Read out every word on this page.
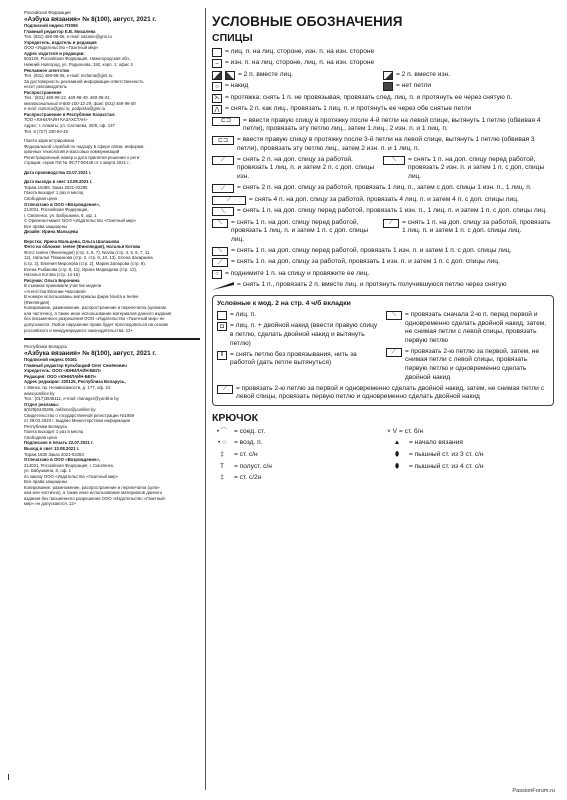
Российская Федерация

«Азбука вязания» № 8(100), август, 2021 г.

Подписной индекс П3055

Главный редактор Е.В. Михалева

Тел. (831) 469-98-66, e-mail: vazanie@gmi.ru

Учредитель, издатель и редакция

ООО «Издательство «Газетный мир»

Адрес издателя и редакции:

603126, Российская Федерация, Нижегородская обл.,

Нижний Новгород, ул. Родионова, 192, корп. 1, офис 3

Рекламное агентство

Тел. (831) 469-98-36, e-mail: reclama@gmi.ru

За достоверность рекламной информации ответственность

несет рекламодатель

Распространение

Тел.: (831) 469-98-13, 469-98-49, 469-98-01,

многоканальный 8-800-100-12-29, факс (831) 469-98-00

e-mail: rozmica@gmi.ru, podpiska@gmi.ru

Распространение в Республике Казахстан:

ТОО «ЮНИЛАЙН КАЗАХСТАН»

Адрес: г. Алматы, ул. Сатпаева, 30/8, оф. 137

Тел. 8 (727) 330-94-49

Газета зарегистрирована

Федеральной службой по надзору в сфере связи, информа-

ционных технологий и массовых коммуникаций

Регистрационный номер и дата принятия решения о реги-

страции: серия ПИ № ФС77-80448 от 1 марта 2021 г.

Дата производства 22.07.2021 г.

Дата выхода в свет 13.08.2021 г.

Тираж 15489. Заказ 2021-02285

Газета выходит 1 раз в месяц

Свободная цена

Отпечатано в ООО «Возрождение»,

214031, Российская Федерация,

г. Смоленск, ул. Бабушкина, 8, оф. 1

© Оригинал-макет ООО «Издательство «Газетный мир»

Все права защищены

Дизайн: Ирина Мальцева

Верстка: Ирина Мальцева, Ольга Шалашова

Фото на обложке: teetee (Финляндия), Наталья Котова

Фото: teetee (Финляндия) (стр. 4, 5, 7), Novita (стр. 4, 5, 6, 7, 11,

12), Наталья Плакинова (стр. 2, стр. 9, 10, 13), Елена Захаркина

(стр. 3), Евгения Миронова (стр. 2), Мария Заларова (стр. 9),

Елена Рыбакова (стр. 8, 11), Ирина Медведева (стр. 12),

Наталья Котова (стр. 14-15)

Рисунки: Ольга Боронина

В съемках принимали участие модели

«Агентства Евгении Чкаловой»

В номере использованы материалы фирм Novita и teetee

(Финляндия)

Копирование, размножение, распространение и перепечатка (целиком

или частично), а также иное использование материалов данного издания

без письменного разрешения ООО «Издательство «Газетный мир» не

допускаются. Любое нарушение права будет преследоваться на основе

российского и международного законодательства. 12+

Республика Беларусь

«Азбука вязания» № 8(100), август, 2021 г.

Подписной индекс 00161

Главный редактор Кульбацкий Олег Семёнович

Учредитель: ООО «ЮНИЛАЙН-БЕЛ»

Редакция: ООО «ЮНИЛАЙН-БЕЛ»

Адрес редакции: 220125, Республика Беларусь,

г. Минск, пр. Независимости, д. 177, оф. 34.

www.yuniline.by

Тел.: (017)3948111, e-mail: manager@yuniline.by

Отдел рекламы:

8(029)6330286, reklama@yuniline.by

Свидетельство о государственной регистрации №1959

от 28.02.2020 г. выдано Министерством информации

Республики Беларусь

Газета выходит 1 раз в месяц

Свободная цена

Подписано в печать 22.07.2021 г.

Выход в свет 13.08.2021 г.

Тираж 1830 Заказ 2021-02283

Отпечатано в ООО «Возрождение»,

214031, Российская Федерация, г. Смоленск,

ул. Бабушкина, 8, оф. 1

по заказу ООО «Издательство «Газетный мир»

Все права защищены

Копирование, размножение, распространение и перепечатка (цели-

ком или частично), а также иное использование материалов данного

издания без письменного разрешения ООО «Издательство «Газетный

мир» не допускаются. 12+

УСЛОВНЫЕ ОБОЗНАЧЕНИЯ
СПИЦЫ
= лиц. п. на лиц. стороне, изн. п. на изн. стороне
– = изн. п. на лиц. стороне, лиц. п. на изн. стороне
= 2 п. вместе лиц.	= 2 п. вместе изн.
○ = накид	= нет петли
⋋ = протяжка: снять 1 п. не провязывая, провязать след. лиц. п. и протянуть ее через снятую п.
⋀ = снять 2 п. как лиц., провязать 1 лиц. п. и протянуть ее через обе снятые петли
⊏⊐	= ввести правую спицу в протяжку после 4-й петли на левой спице, вытянуть 1 петлю (обвивая 4 петли), провязать эту петлю лиц., затем 1 лиц., 2 изн. п. и 1 лиц. п.
⊏⊐	= ввести правую спицу в протяжку после 3-й петли на левой спице, вытянуть 1 петлю (обвивая 3 петли), провязать эту петлю лиц., затем 2 изн. п. и 1 лиц. п.
⟋	= снять 2 п. на доп. спицу за работой, провязать 1 лиц. п. и затем 2 п. с доп. спицы изн.
⟍	= снять 1 п. на доп. спицу перед работой, провязать 2 изн. п. и затем 1 п. с доп. спицы лиц.
⟋	= снять 2 п. на доп. спицу за работой, провязать 1 лиц. п., затем с доп. спицы 1 изн. п., 1 лиц. п.
⟋	= снять 4 п. на доп. спицу за работой, провязать 4 лиц. п. и затем 4 п. с доп. спицы лиц.
⟍	= снять 1 п. на доп. спицу перед работой, провязать 1 изн. п., 1 лиц. п. и затем 1 п. с доп. спицы лиц.
⟍	= снять 1 п. на доп. спицу перед работой, провязать 1 лиц. п. и затем 1 п. с доп. спицы лиц.
⟋	= снять 1 п. на доп. спицу за работой, провязать 1 лиц. п. и затем 1 п. с доп. спицы лиц.
⟍	= снять 1 п. на доп. спицу перед работой, провязать 1 изн. п. и затем 1 п. с доп. спицы лиц.
⟋	= снять 1 п. на доп. спицу за работой, провязать 1 изн. п. и затем 1 п. с доп. спицы лиц.
○ = поднимите 1 п. на спицу и провяжите ее лиц.
= снять 1 п., провязать 2 п. вместе лиц. и протянуть получившуюся петлю через снятую
Условные к мод. 2 на стр. 4 ч/б вкладки
= лиц. п.
◘ = лиц. п. + двойной накид (ввести правую спицу в петлю, сделать двойной накид и вытянуть петлю)
‖	= снять петлю без провязывания, нить за работой (дать петле вытянуться)
⟍	= провязать сначала 2-ю п. перед первой и одновременно сделать двойной накид, затем, не снимая петли с левой спицы, провязать первую петлю
⟋	= провязать 2-ю петлю за первой, затем, не снимая петли с левой спицы, провязать первую петлю и одновременно сделать двойной накид
⟋	= провязать 2-ю петлю за первой и одновременно сделать двойной накид, затем, не снимая петли с левой спицы, провязать первую петлю и одновременно сделать двойной накид
КРЮЧОК
• ⌒	= соед. ст.
• ○	= возд. п.
‡	= ст. с/н
T	= полуст. с/н
‡	= ст. с/2н
× V = ст. б/н
▲	= начало вязания
⬮	= пышный ст. из 3 ст. с/н
⬮	= пышный ст. из 4 ст. с/н
PassionForum.ru
